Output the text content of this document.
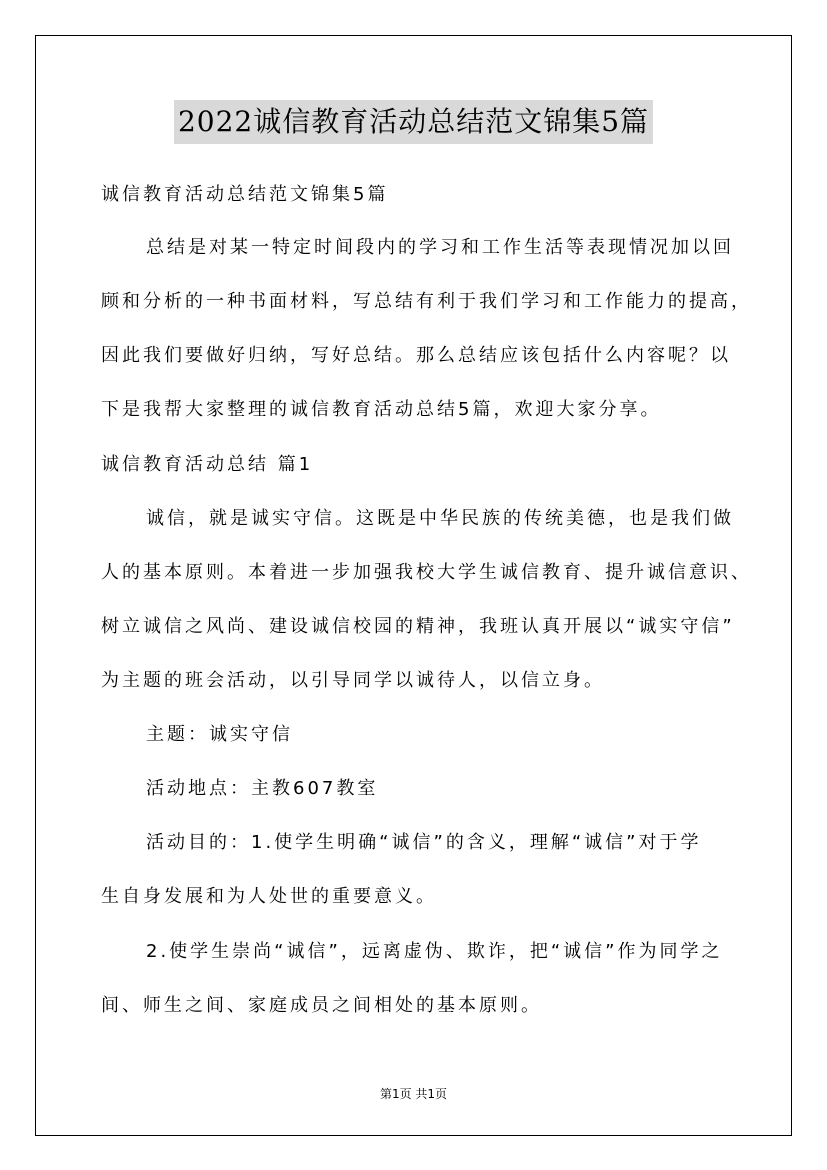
2022诚信教育活动总结范文锦集5篇
诚信教育活动总结范文锦集5篇
总结是对某一特定时间段内的学习和工作生活等表现情况加以回
顾和分析的一种书面材料，写总结有利于我们学习和工作能力的提高，
因此我们要做好归纳，写好总结。那么总结应该包括什么内容呢？以
下是我帮大家整理的诚信教育活动总结5篇，欢迎大家分享。
诚信教育活动总结 篇1
诚信，就是诚实守信。这既是中华民族的传统美德，也是我们做
人的基本原则。本着进一步加强我校大学生诚信教育、提升诚信意识、
树立诚信之风尚、建设诚信校园的精神，我班认真开展以“诚实守信”
为主题的班会活动，以引导同学以诚待人，以信立身。
主题：诚实守信
活动地点：主教607教室
活动目的：1.使学生明确“诚信”的含义，理解“诚信”对于学
生自身发展和为人处世的重要意义。
2.使学生崇尚“诚信”，远离虚伪、欺诈，把“诚信”作为同学之
间、师生之间、家庭成员之间相处的基本原则。
第1页 共1页
